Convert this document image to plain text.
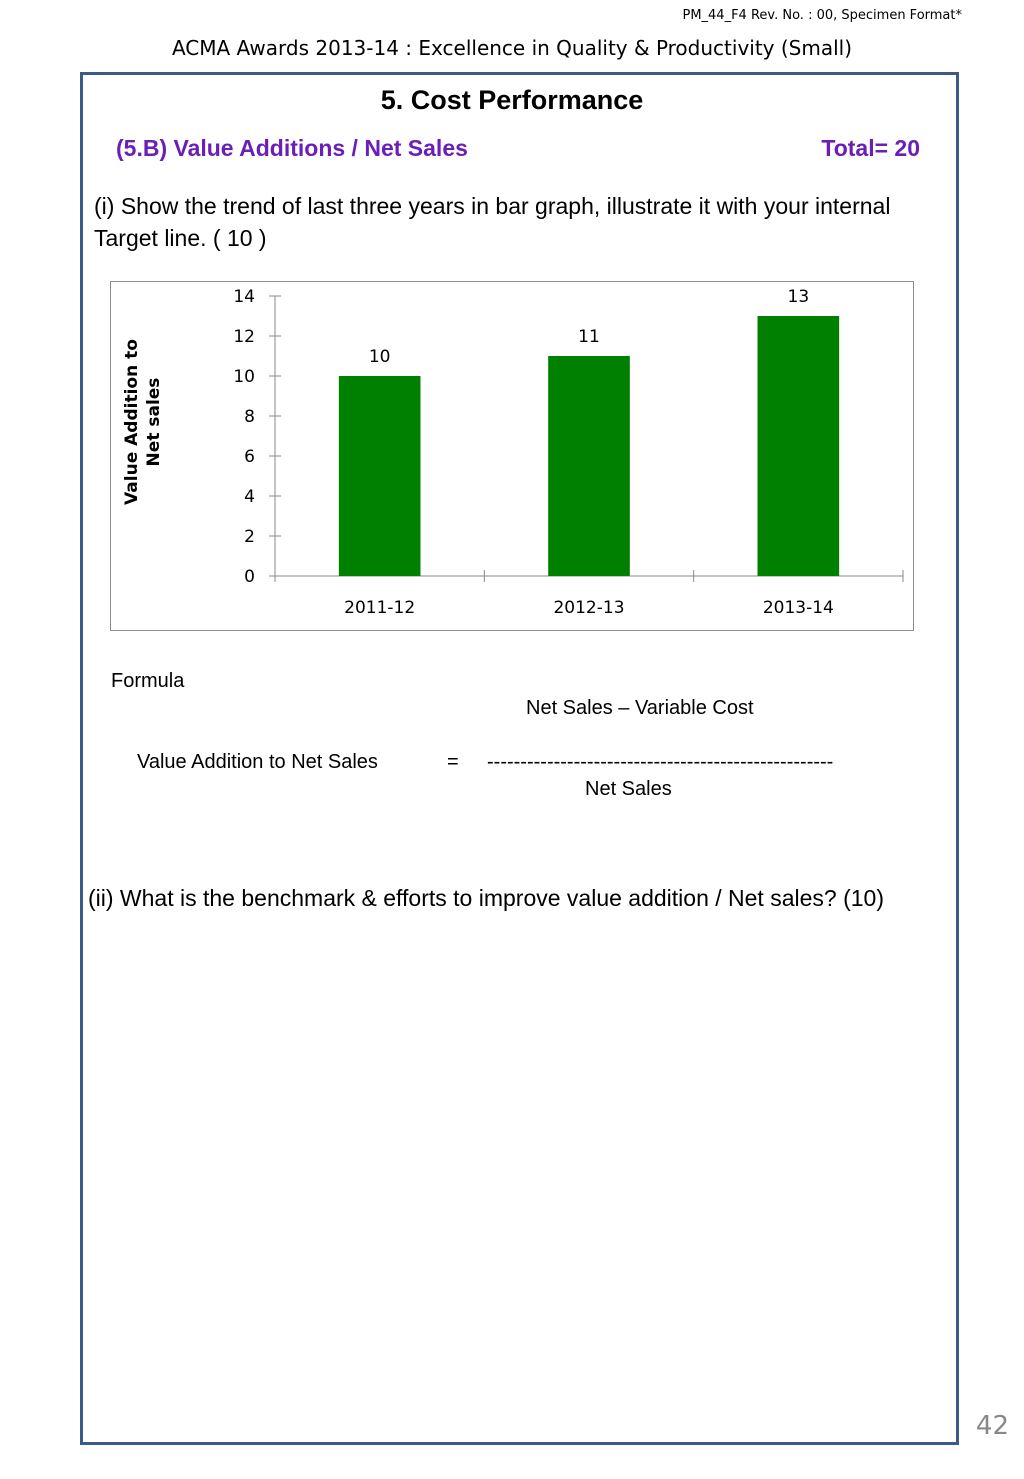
PM_44_F4 Rev. No. : 00, Specimen Format*
ACMA Awards 2013-14 : Excellence in Quality & Productivity (Small)
5. Cost Performance
(5.B) Value Additions / Net Sales	Total= 20
(i) Show the trend of last three years in bar graph, illustrate it with your internal Target line. ( 10 )
Value Addition to Net sales
0
2
4
6
8
10
12
14
10
2011-12
11
2012-13
13
2013-14
Formula
Net Sales – Variable Cost
Value Addition to Net Sales	= ----------------------------------------------------
Net Sales
(ii) What is the benchmark & efforts to improve value addition / Net sales? (10)
42
